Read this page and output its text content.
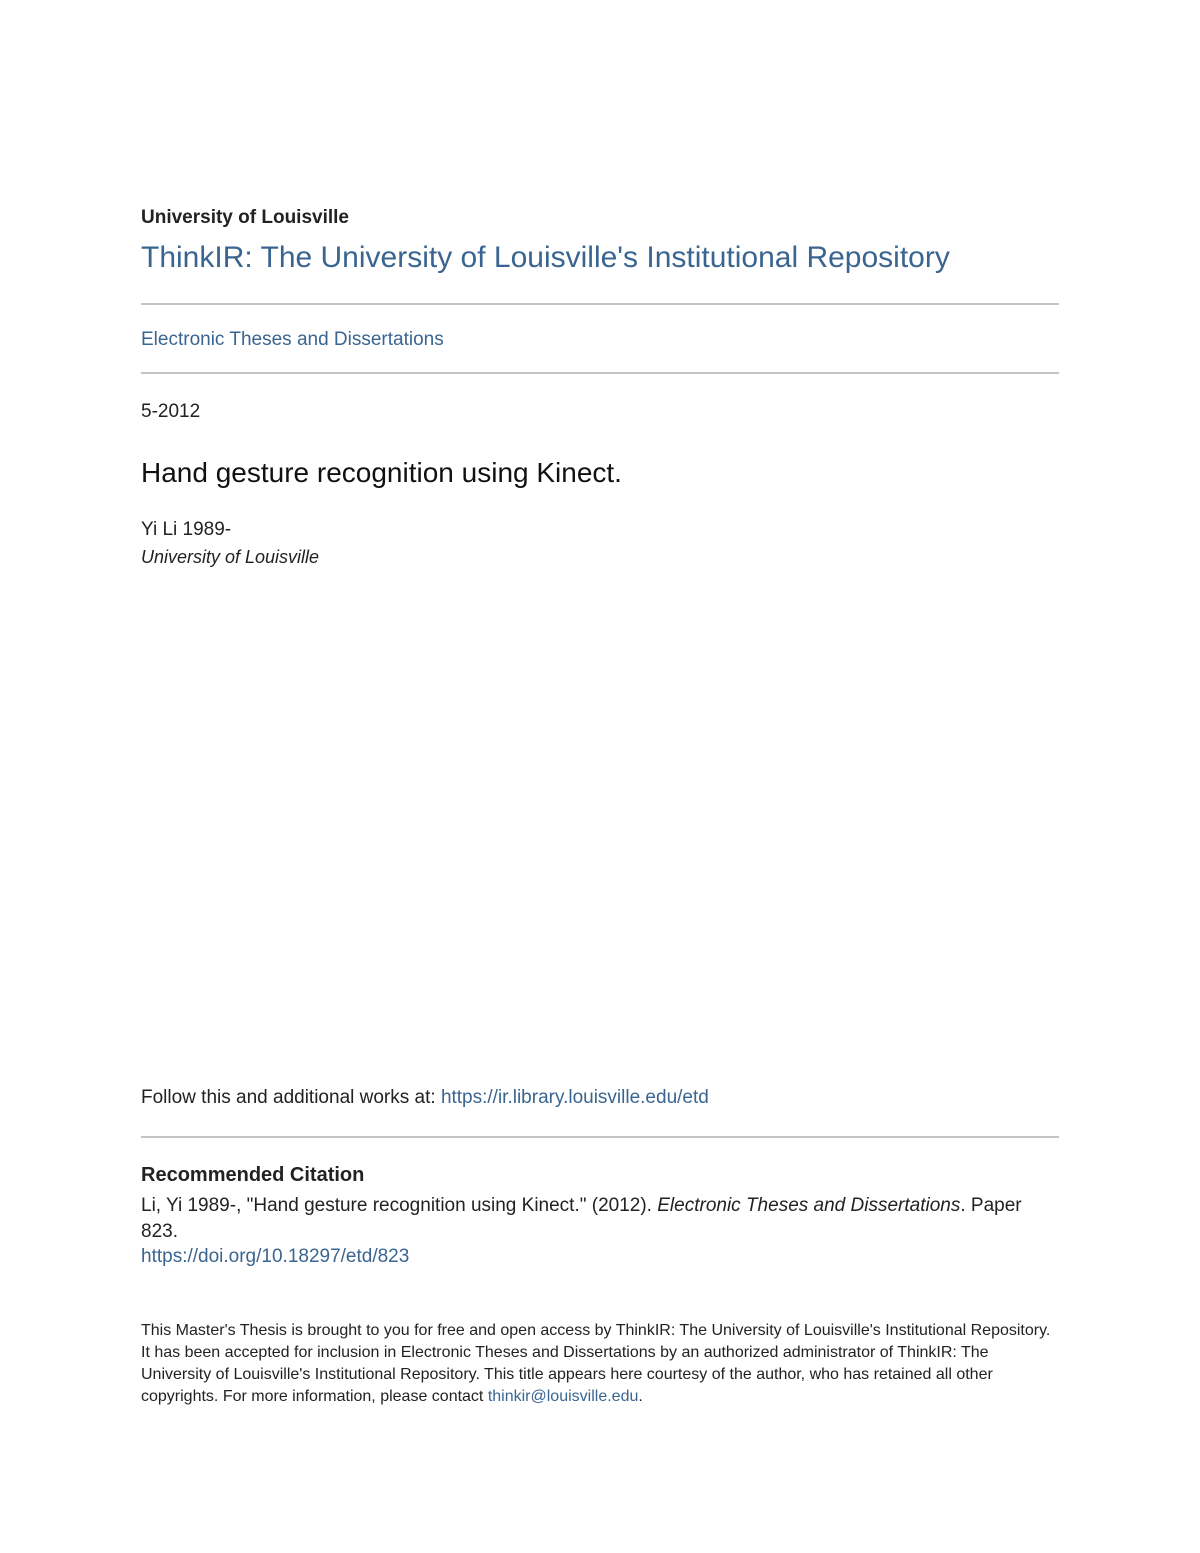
University of Louisville

ThinkIR: The University of Louisville's Institutional Repository
Electronic Theses and Dissertations

5-2012

Hand gesture recognition using Kinect.

Yi Li 1989-

University of Louisville

Follow this and additional works at: https://ir.library.louisville.edu/etd

Recommended Citation

Li, Yi 1989-, "Hand gesture recognition using Kinect." (2012). Electronic Theses and Dissertations. Paper 823.

https://doi.org/10.18297/etd/823

This Master's Thesis is brought to you for free and open access by ThinkIR: The University of Louisville's Institutional Repository. It has been accepted for inclusion in Electronic Theses and Dissertations by an authorized administrator of ThinkIR: The University of Louisville's Institutional Repository. This title appears here courtesy of the author, who has retained all other copyrights. For more information, please contact thinkir@louisville.edu.
